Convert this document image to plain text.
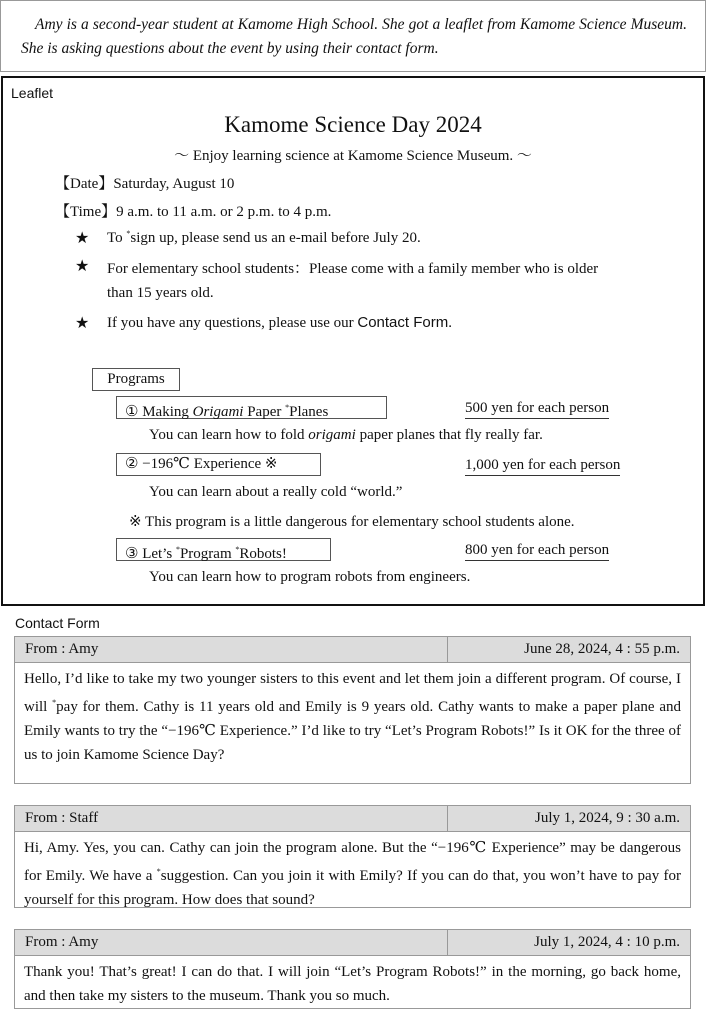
Amy is a second-year student at Kamome High School. She got a leaflet from Kamome Science Museum. She is asking questions about the event by using their contact form.

Leaflet
Kamome Science Day 2024
～ Enjoy learning science at Kamome Science Museum. ～
【Date】Saturday, August 10
【Time】9 a.m. to 11 a.m. or 2 p.m. to 4 p.m.
★ To *sign up, please send us an e-mail before July 20.
★ For elementary school students：Please come with a family member who is older
than 15 years old.
★ If you have any questions, please use our Contact Form.
Programs
① Making Origami Paper *Planes	500 yen for each person
You can learn how to fold origami paper planes that fly really far.
② −196℃ Experience ※	1,000 yen for each person
You can learn about a really cold “world.”
※ This program is a little dangerous for elementary school students alone.
③ Let’s *Program *Robots!	800 yen for each person
You can learn how to program robots from engineers.
Contact Form
From : Amy	June 28, 2024, 4 : 55 p.m.
Hello, I’d like to take my two younger sisters to this event and let them join a different program. Of course, I will *pay for them. Cathy is 11 years old and Emily is 9 years old. Cathy wants to make a paper plane and Emily wants to try the “−196℃ Experience.” I’d like to try “Let’s Program Robots!” Is it OK for the three of us to join Kamome Science Day?
From : Staff	July 1, 2024, 9 : 30 a.m.
Hi, Amy. Yes, you can. Cathy can join the program alone. But the “−196℃ Experience” may be dangerous for Emily. We have a *suggestion. Can you join it with Emily? If you can do that, you won’t have to pay for yourself for this program. How does that sound?
From : Amy	July 1, 2024, 4 : 10 p.m.
Thank you! That’s great! I can do that. I will join “Let’s Program Robots!” in the morning, go back home, and then take my sisters to the museum. Thank you so much.
